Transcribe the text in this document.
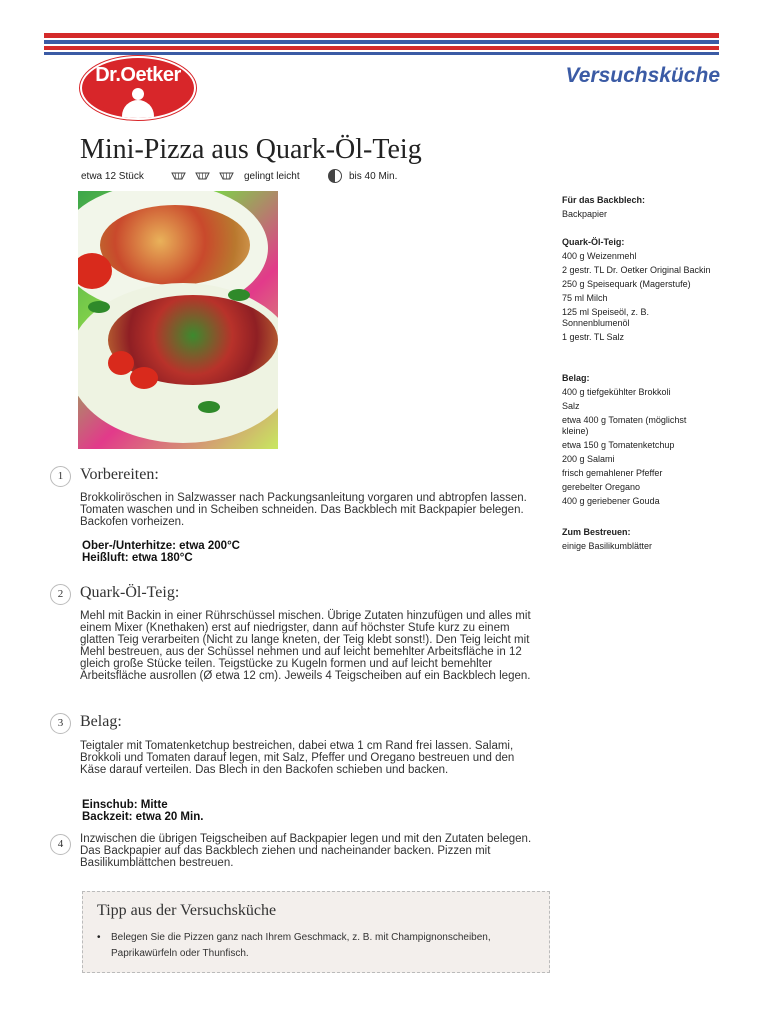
Dr.Oetker	Versuchsküche
Mini-Pizza aus Quark-Öl-Teig
etwa 12 Stück	gelingt leicht	bis 40 Min.
Für das Backblech:
Backpapier
Quark-Öl-Teig:
400 g Weizenmehl
2 gestr. TL Dr. Oetker Original Backin
250 g Speisequark (Magerstufe)
75 ml Milch
125 ml Speiseöl, z. B. Sonnenblumenöl
1 gestr. TL Salz
Belag:
400 g tiefgekühlter Brokkoli
Salz
etwa 400 g Tomaten (möglichst kleine)
etwa 150 g Tomatenketchup
200 g Salami
frisch gemahlener Pfeffer
gerebelter Oregano
400 g geriebener Gouda
Zum Bestreuen:
einige Basilikumblätter
1	Vorbereiten:
Brokkoliröschen in Salzwasser nach Packungsanleitung vorgaren und abtropfen lassen. Tomaten waschen und in Scheiben schneiden. Das Backblech mit Backpapier belegen. Backofen vorheizen.
Ober-/Unterhitze: etwa 200°C
Heißluft: etwa 180°C
2	Quark-Öl-Teig:
Mehl mit Backin in einer Rührschüssel mischen. Übrige Zutaten hinzufügen und alles mit einem Mixer (Knethaken) erst auf niedrigster, dann auf höchster Stufe kurz zu einem glatten Teig verarbeiten (Nicht zu lange kneten, der Teig klebt sonst!). Den Teig leicht mit Mehl bestreuen, aus der Schüssel nehmen und auf leicht bemehlter Arbeitsfläche in 12 gleich große Stücke teilen. Teigstücke zu Kugeln formen und auf leicht bemehlter Arbeitsfläche ausrollen (Ø etwa 12 cm). Jeweils 4 Teigscheiben auf ein Backblech legen.
3	Belag:
Teigtaler mit Tomatenketchup bestreichen, dabei etwa 1 cm Rand frei lassen. Salami, Brokkoli und Tomaten darauf legen, mit Salz, Pfeffer und Oregano bestreuen und den Käse darauf verteilen. Das Blech in den Backofen schieben und backen.
Einschub: Mitte
Backzeit: etwa 20 Min.
4	Inzwischen die übrigen Teigscheiben auf Backpapier legen und mit den Zutaten belegen. Das Backpapier auf das Backblech ziehen und nacheinander backen. Pizzen mit Basilikumblättchen bestreuen.
Tipp aus der Versuchsküche
• Belegen Sie die Pizzen ganz nach Ihrem Geschmack, z. B. mit Champignonscheiben, Paprikawürfeln oder Thunfisch.
